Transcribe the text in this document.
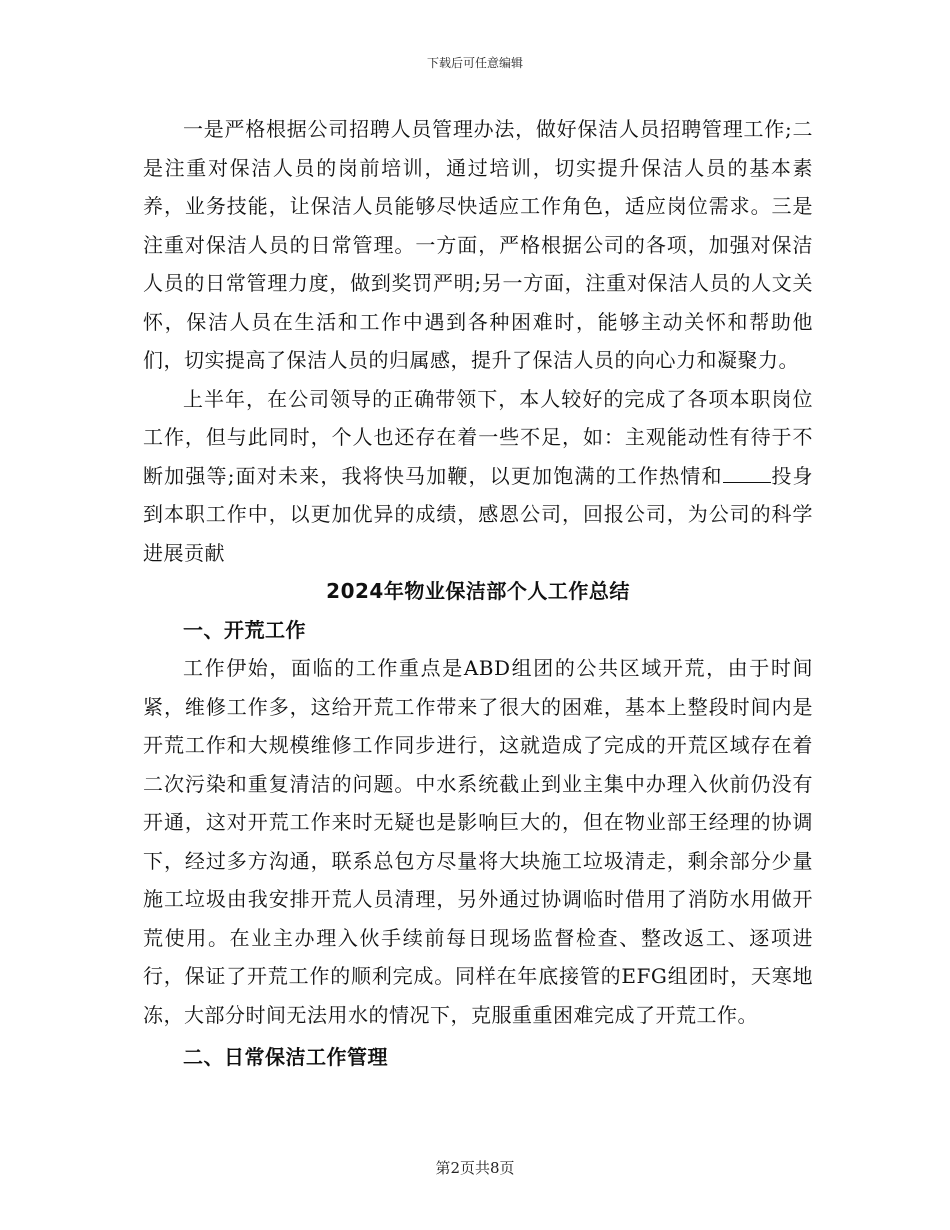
下载后可任意编辑

一是严格根据公司招聘人员管理办法，做好保洁人员招聘管理工作;二是注重对保洁人员的岗前培训，通过培训，切实提升保洁人员的基本素养，业务技能，让保洁人员能够尽快适应工作角色，适应岗位需求。三是注重对保洁人员的日常管理。一方面，严格根据公司的各项，加强对保洁人员的日常管理力度，做到奖罚严明;另一方面，注重对保洁人员的人文关怀，保洁人员在生活和工作中遇到各种困难时，能够主动关怀和帮助他们，切实提高了保洁人员的归属感，提升了保洁人员的向心力和凝聚力。

上半年，在公司领导的正确带领下，本人较好的完成了各项本职岗位工作，但与此同时，个人也还存在着一些不足，如：主观能动性有待于不断加强等;面对未来，我将快马加鞭，以更加饱满的工作热情和 投身到本职工作中，以更加优异的成绩，感恩公司，回报公司，为公司的科学进展贡献

2024年物业保洁部个人工作总结

一、开荒工作

工作伊始，面临的工作重点是ABD组团的公共区域开荒，由于时间紧，维修工作多，这给开荒工作带来了很大的困难，基本上整段时间内是开荒工作和大规模维修工作同步进行，这就造成了完成的开荒区域存在着二次污染和重复清洁的问题。中水系统截止到业主集中办理入伙前仍没有开通，这对开荒工作来时无疑也是影响巨大的，但在物业部王经理的协调下，经过多方沟通，联系总包方尽量将大块施工垃圾清走，剩余部分少量施工垃圾由我安排开荒人员清理，另外通过协调临时借用了消防水用做开荒使用。在业主办理入伙手续前每日现场监督检查、整改返工、逐项进行，保证了开荒工作的顺利完成。同样在年底接管的EFG组团时，天寒地冻，大部分时间无法用水的情况下，克服重重困难完成了开荒工作。

二、日常保洁工作管理

第2页共8页
